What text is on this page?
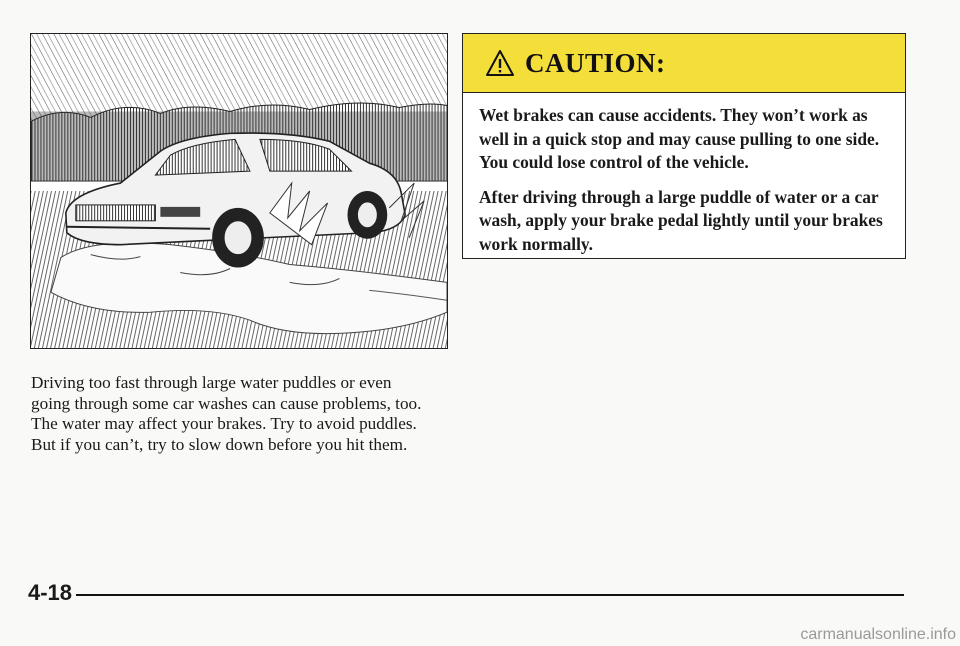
Driving too fast through large water puddles or even
going through some car washes can cause problems, too.
The water may affect your brakes. Try to avoid puddles.
But if you can’t, try to slow down before you hit them.

CAUTION:

Wet brakes can cause accidents. They won’t work as well in a quick stop and may cause pulling to one side. You could lose control of the vehicle.

After driving through a large puddle of water or a car wash, apply your brake pedal lightly until your brakes work normally.

4-18
carmanualsonline.info
